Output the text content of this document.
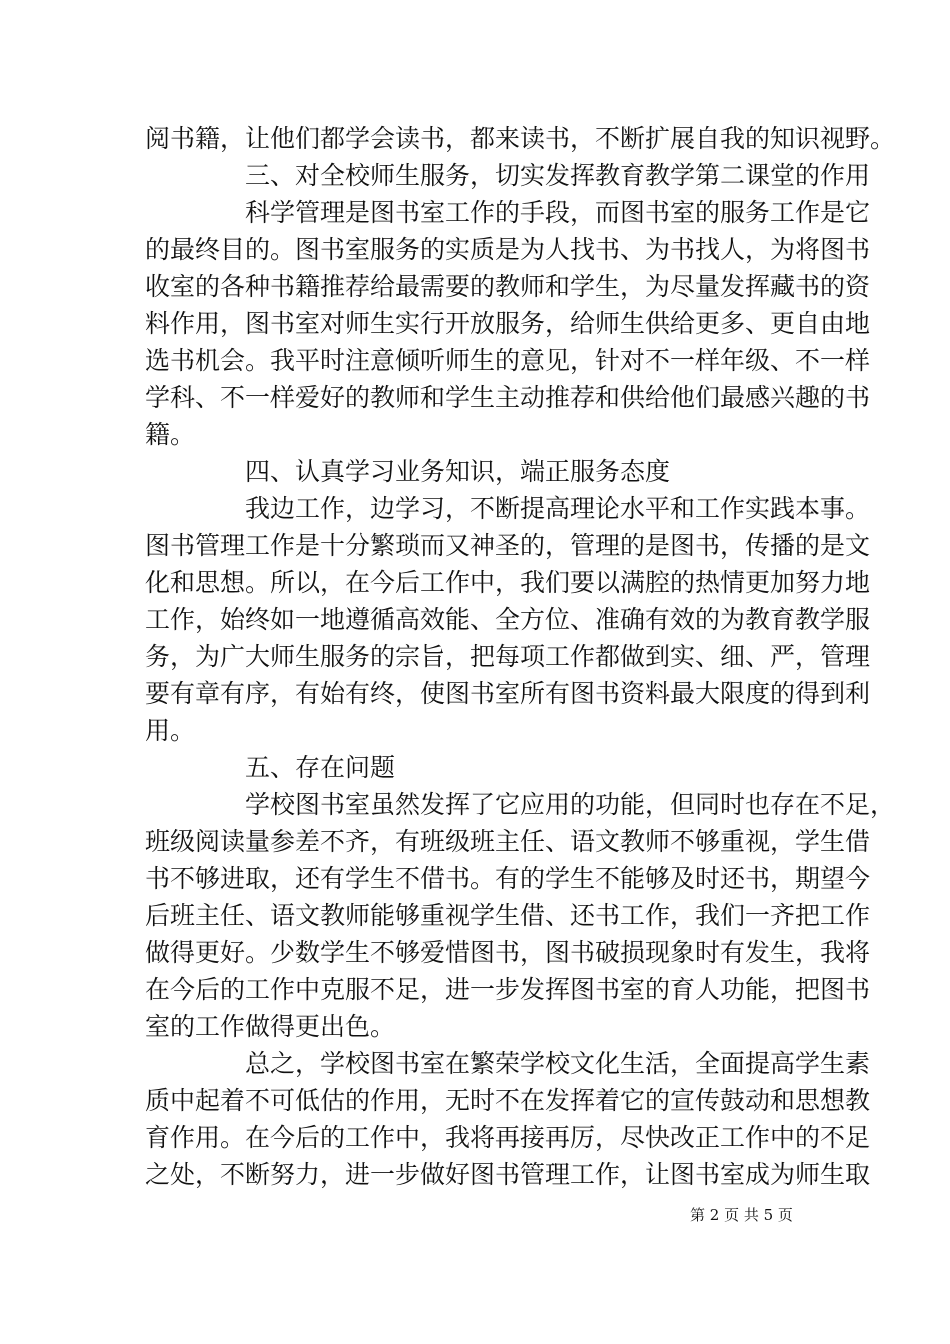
阅书籍，让他们都学会读书，都来读书，不断扩展自我的知识视野。
三、对全校师生服务，切实发挥教育教学第二课堂的作用
科学管理是图书室工作的手段，而图书室的服务工作是它
的最终目的。图书室服务的实质是为人找书、为书找人，为将图书
收室的各种书籍推荐给最需要的教师和学生，为尽量发挥藏书的资
料作用，图书室对师生实行开放服务，给师生供给更多、更自由地
选书机会。我平时注意倾听师生的意见，针对不一样年级、不一样
学科、不一样爱好的教师和学生主动推荐和供给他们最感兴趣的书
籍。
四、认真学习业务知识，端正服务态度
我边工作，边学习，不断提高理论水平和工作实践本事。
图书管理工作是十分繁琐而又神圣的，管理的是图书，传播的是文
化和思想。所以，在今后工作中，我们要以满腔的热情更加努力地
工作，始终如一地遵循高效能、全方位、准确有效的为教育教学服
务，为广大师生服务的宗旨，把每项工作都做到实、细、严，管理
要有章有序，有始有终，使图书室所有图书资料最大限度的得到利
用。
五、存在问题
学校图书室虽然发挥了它应用的功能，但同时也存在不足，
班级阅读量参差不齐，有班级班主任、语文教师不够重视，学生借
书不够进取，还有学生不借书。有的学生不能够及时还书，期望今
后班主任、语文教师能够重视学生借、还书工作，我们一齐把工作
做得更好。少数学生不够爱惜图书，图书破损现象时有发生，我将
在今后的工作中克服不足，进一步发挥图书室的育人功能，把图书
室的工作做得更出色。
总之，学校图书室在繁荣学校文化生活，全面提高学生素
质中起着不可低估的作用，无时不在发挥着它的宣传鼓动和思想教
育作用。在今后的工作中，我将再接再厉，尽快改正工作中的不足
之处，不断努力，进一步做好图书管理工作，让图书室成为师生取
第 2 页 共 5 页
